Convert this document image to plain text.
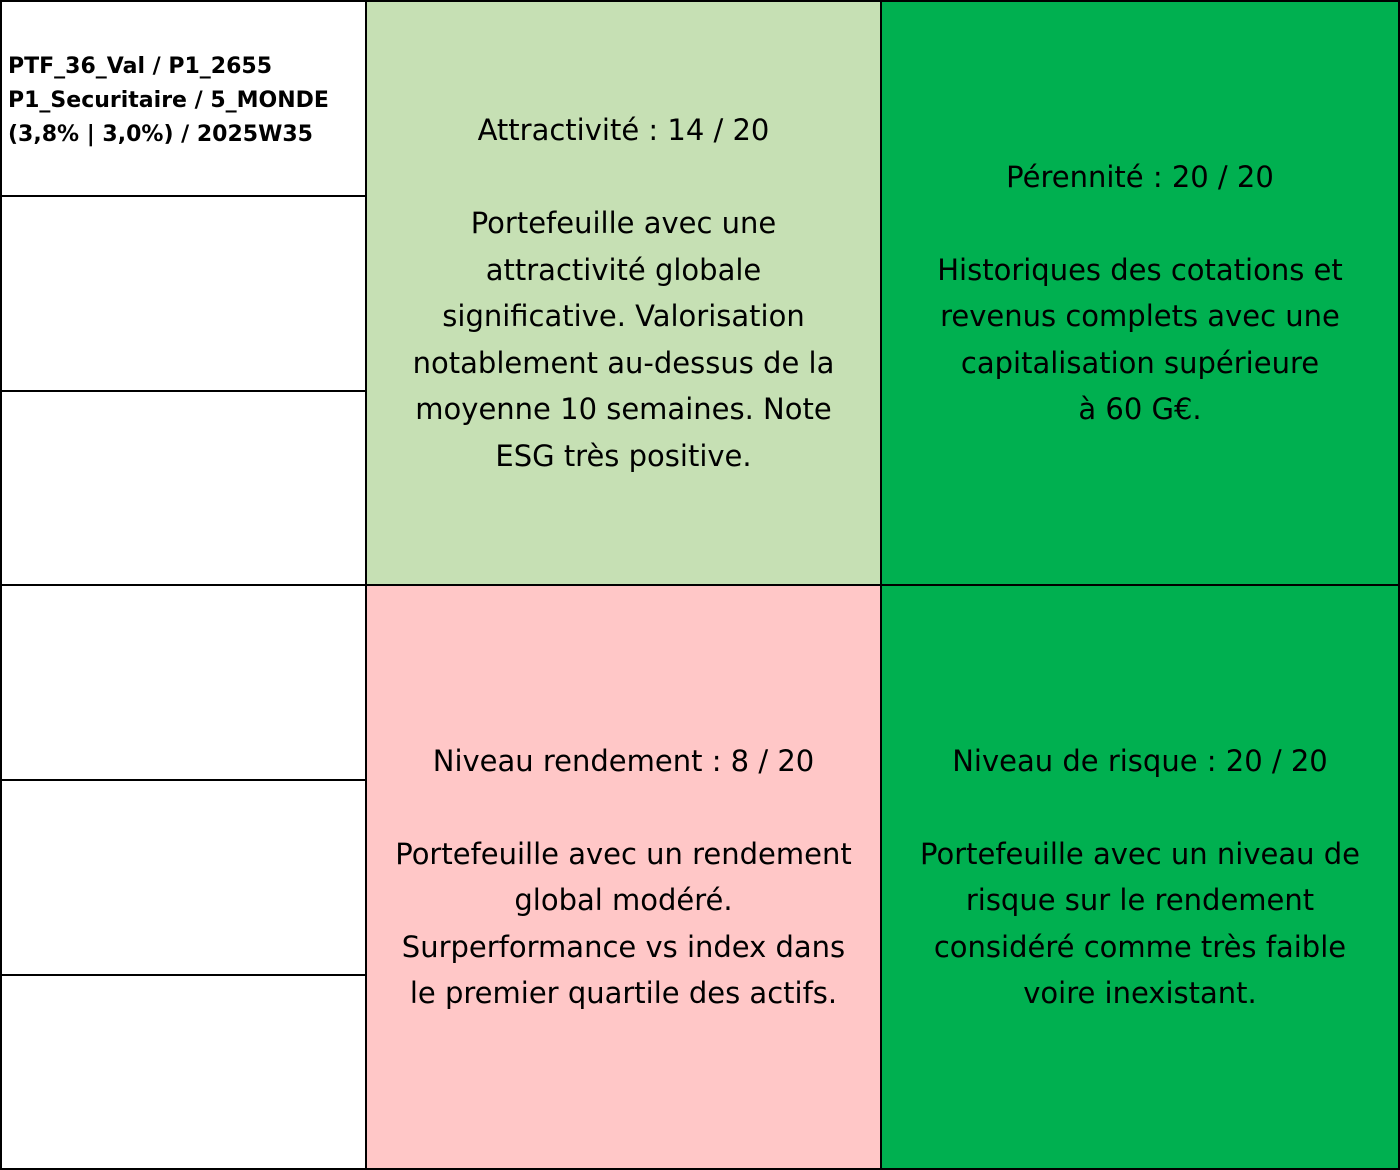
PTF_36_Val / P1_2655
P1_Securitaire / 5_MONDE
(3,8% | 3,0%) / 2025W35	Attractivité : 14 / 20
Portefeuille avec une
attractivité globale
significative. Valorisation
notablement au-dessus de la
moyenne 10 semaines. Note
ESG très positive.
Pérennité : 20 / 20
Historiques des cotations et
revenus complets avec une
capitalisation supérieure
à 60 G€.
Niveau rendement : 8 / 20
Portefeuille avec un rendement
global modéré.
Surperformance vs index dans
le premier quartile des actifs.
Niveau de risque : 20 / 20
Portefeuille avec un niveau de
risque sur le rendement
considéré comme très faible
voire inexistant.
